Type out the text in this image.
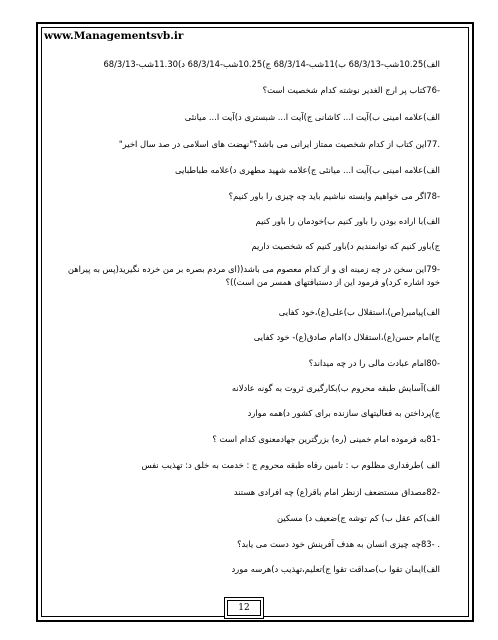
www.Managementsvb.ir
الف)10.25شب-68/3/13 ب)11شب-68/3/14 ج)10.25شب-68/3/14 د)11.30شب-68/3/13
-76کتاب پر ارج الغدیر نوشته کدام شخصیت است؟
الف)علامه امینی ب)آیت ا... کاشانی ج)آیت ا... شبستری د)آیت ا... میانئی
.77این کتاب از کدام شخصیت ممتاز ایرانی می باشد؟"نهضت های اسلامی در صد سال اخیر"
الف)علامه امینی ب)آیت ا... میانئی ج)علامه شهید مطهری د)علامه طباطبایی
-78اگر می خواهیم وابسته نباشیم باید چه چیزی را باور کنیم؟
الف)با اراده بودن را باور کنیم ب)خودمان را باور کنیم
ج)باور کنیم که توانمندیم د)باور کنیم که شخصیت داریم
-79این سخن در چه زمینه ای و از کدام معصوم می باشد((ای مردم بصره بر من خرده نگیرید(پس به پیراهن خود اشاره کرد)و فرمود این از دستبافتهای همسر من است))؟
الف)پیامبر(ص)،استقلال ب)علی(ع)،خود کفایی
ج)امام حسن(ع)،استقلال د)امام صادق(ع)- خود کفایی
-80امام عبادت مالی را در چه میداند؟
الف)آسایش طبقه محروم ب)بکارگیری ثروت به گونه عادلانه
ج)پرداختن به فعالیتهای سازنده برای کشور د)همه موارد
-81به فرموده امام خمینی (ره) بزرگترین جهادمعنوی کدام است ؟
الف )طرفداری مظلوم ب : تامین رفاه طبقه محروم ج : خدمت به خلق د: تهذیب نفس
-82مصداق مستضعف ازنظر امام باقر(ع) چه افرادی هستند
الف)کم عقل ب) کم توشه ج)ضعیف د) مسکین
. -83چه چیزی انسان به هدف آفرینش خود دست می یابد؟
الف)ایمان تقوا ب)صداقت تقوا ج)تعلیم،تهذیب د)هرسه مورد
12
